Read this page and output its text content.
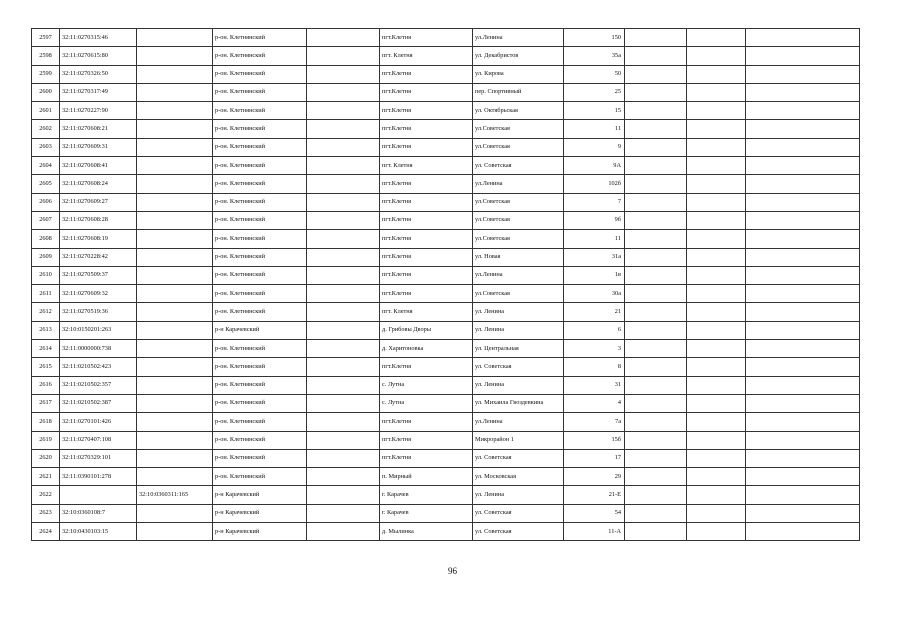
2597	32:11:0270315:46		р-он. Клетнянский		пгт.Клетня	ул.Ленина	150			
2598	32:11:0270615:80		р-он. Клетнянский		пгт. Клетня	ул. Декабристов	35а			
2599	32:11:0270326:50		р-он. Клетнянский		пгт.Клетня	ул. Кирова	50			
2600	32:11:0270317:49		р-он. Клетнянский		пгт.Клетня	пер. Спортивный	25			
2601	32:11:0270227:90		р-он. Клетнянский		пгт.Клетня	ул. Октябрьская	15			
2602	32:11:0270608:21		р-он. Клетнянский		пгт.Клетня	ул.Советская	11			
2603	32:11:0270609:31		р-он. Клетнянский		пгт.Клетня	ул.Советская	9			
2604	32:11:0270608:41		р-он. Клетнянский		пгт. Клетня	ул. Советская	9А			
2605	32:11:0270608:24		р-он. Клетнянский		пгт.Клетня	ул.Ленина	102б			
2606	32:11:0270609:27		р-он. Клетнянский		пгт.Клетня	ул.Советская	7			
2607	32:11:0270608:28		р-он. Клетнянский		пгт.Клетня	ул.Советская	9б			
2608	32:11:0270608:19		р-он. Клетнянский		пгт.Клетня	ул.Советская	11			
2609	32:11:0270228:42		р-он. Клетнянский		пгт.Клетня	ул. Новая	31а			
2610	32:11:0270509:37		р-он. Клетнянский		пгт.Клетня	ул.Ленина	1в			
2611	32:11:0270609:32		р-он. Клетнянский		пгт.Клетня	ул.Советская	30а			
2612	32:11:0270519:36		р-он. Клетнянский		пгт. Клетня	ул. Ленина	21			
2613	32:10:0150201:263		р-н Карачевский		д. Грибовы Дворы	ул. Ленина	6			
2614	32:11:0000000:738		р-он. Клетнянский		д. Харитоновка	ул. Центральная	3			
2615	32:11:0210502:423		р-он. Клетнянский		пгт.Клетня	ул. Советская	8			
2616	32:11:0210502:357		р-он. Клетнянский		с. Лутна	ул. Ленина	31			
2617	32:11:0210502:387		р-он. Клетнянский		с. Лутна	ул. Михаила Гвоздевкина	4			
2618	32:11:0270101:426		р-он. Клетнянский		пгт.Клетня	ул.Ленина	7а			
2619	32:11:0270407:108		р-он. Клетнянский		пгт.Клетня	Микрорайон 1	15б			
2620	32:11:0270329:101		р-он. Клетнянский		пгт.Клетня	ул. Советская	17			
2621	32:11:0390101:278		р-он. Клетнянский		п. Мирный	ул. Московская	29			
2622		32:10:0360311:165	р-н Карачевский		г. Карачев	ул. Ленина	21-Е			
2623	32:10:0360108:7		р-н Карачевский		г. Карачев	ул. Советская	54			
2624	32:10:0430103:15		р-н Карачевский		д. Мылинка	ул. Советская	11-А			
96
